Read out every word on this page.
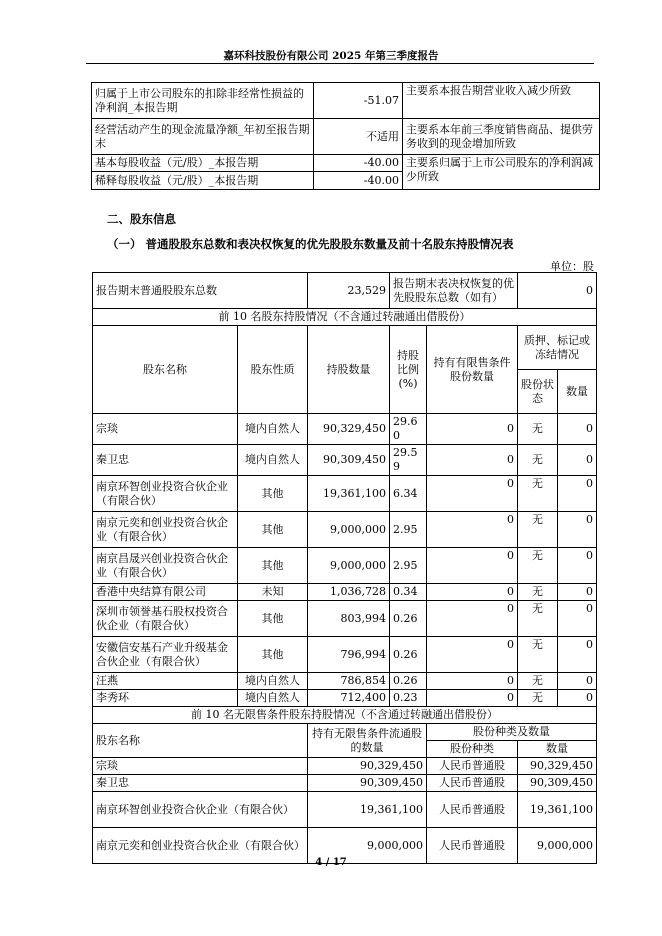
嘉环科技股份有限公司 2025 年第三季度报告
归属于上市公司股东的扣除非经常性损益的净利润_本报告期	-51.07	主要系本报告期营业收入减少所致
经营活动产生的现金流量净额_年初至报告期末	不适用	主要系本年前三季度销售商品、提供劳务收到的现金增加所致
基本每股收益（元/股）_本报告期	-40.00	主要系归属于上市公司股东的净利润减少所致
稀释每股收益（元/股）_本报告期	-40.00	
二、股东信息
（一） 普通股股东总数和表决权恢复的优先股股东数量及前十名股东持股情况表
单位：股
报告期末普通股股东总数		23,529	报告期末表决权恢复的优先股股东总数（如有）		0	
前 10 名股东持股情况（不含通过转融通出借股份）						
股东名称	股东性质	持股数量	持股比例(%)	持有有限售条件股份数量	质押、标记或冻结情况	
					股份状态	数量
宗琰	境内自然人	90,329,450	29.60	0	无	0
秦卫忠	境内自然人	90,309,450	29.59	0	无	0
南京环智创业投资合伙企业（有限合伙）	其他	19,361,100	6.34	0	无	0
南京元奕和创业投资合伙企业（有限合伙）	其他	9,000,000	2.95	0	无	0
南京昌晟兴创业投资合伙企业（有限合伙）	其他	9,000,000	2.95	0	无	0
香港中央结算有限公司	未知	1,036,728	0.34	0	无	0
深圳市领誉基石股权投资合伙企业（有限合伙）	其他	803,994	0.26	0	无	0
安徽信安基石产业升级基金合伙企业（有限合伙）	其他	796,994	0.26	0	无	0
汪燕	境内自然人	786,854	0.26	0	无	0
李秀环	境内自然人	712,400	0.23	0	无	0
前 10 名无限售条件股东持股情况（不含通过转融通出借股份）						
股东名称		持有无限售条件流通股的数量		股份种类及数量		
				股份种类	数量	
宗琰		90,329,450		人民币普通股	90,329,450	
秦卫忠		90,309,450		人民币普通股	90,309,450	
南京环智创业投资合伙企业（有限合伙）		19,361,100		人民币普通股	19,361,100	
南京元奕和创业投资合伙企业（有限合伙）		9,000,000		人民币普通股	9,000,000	
4 / 17
